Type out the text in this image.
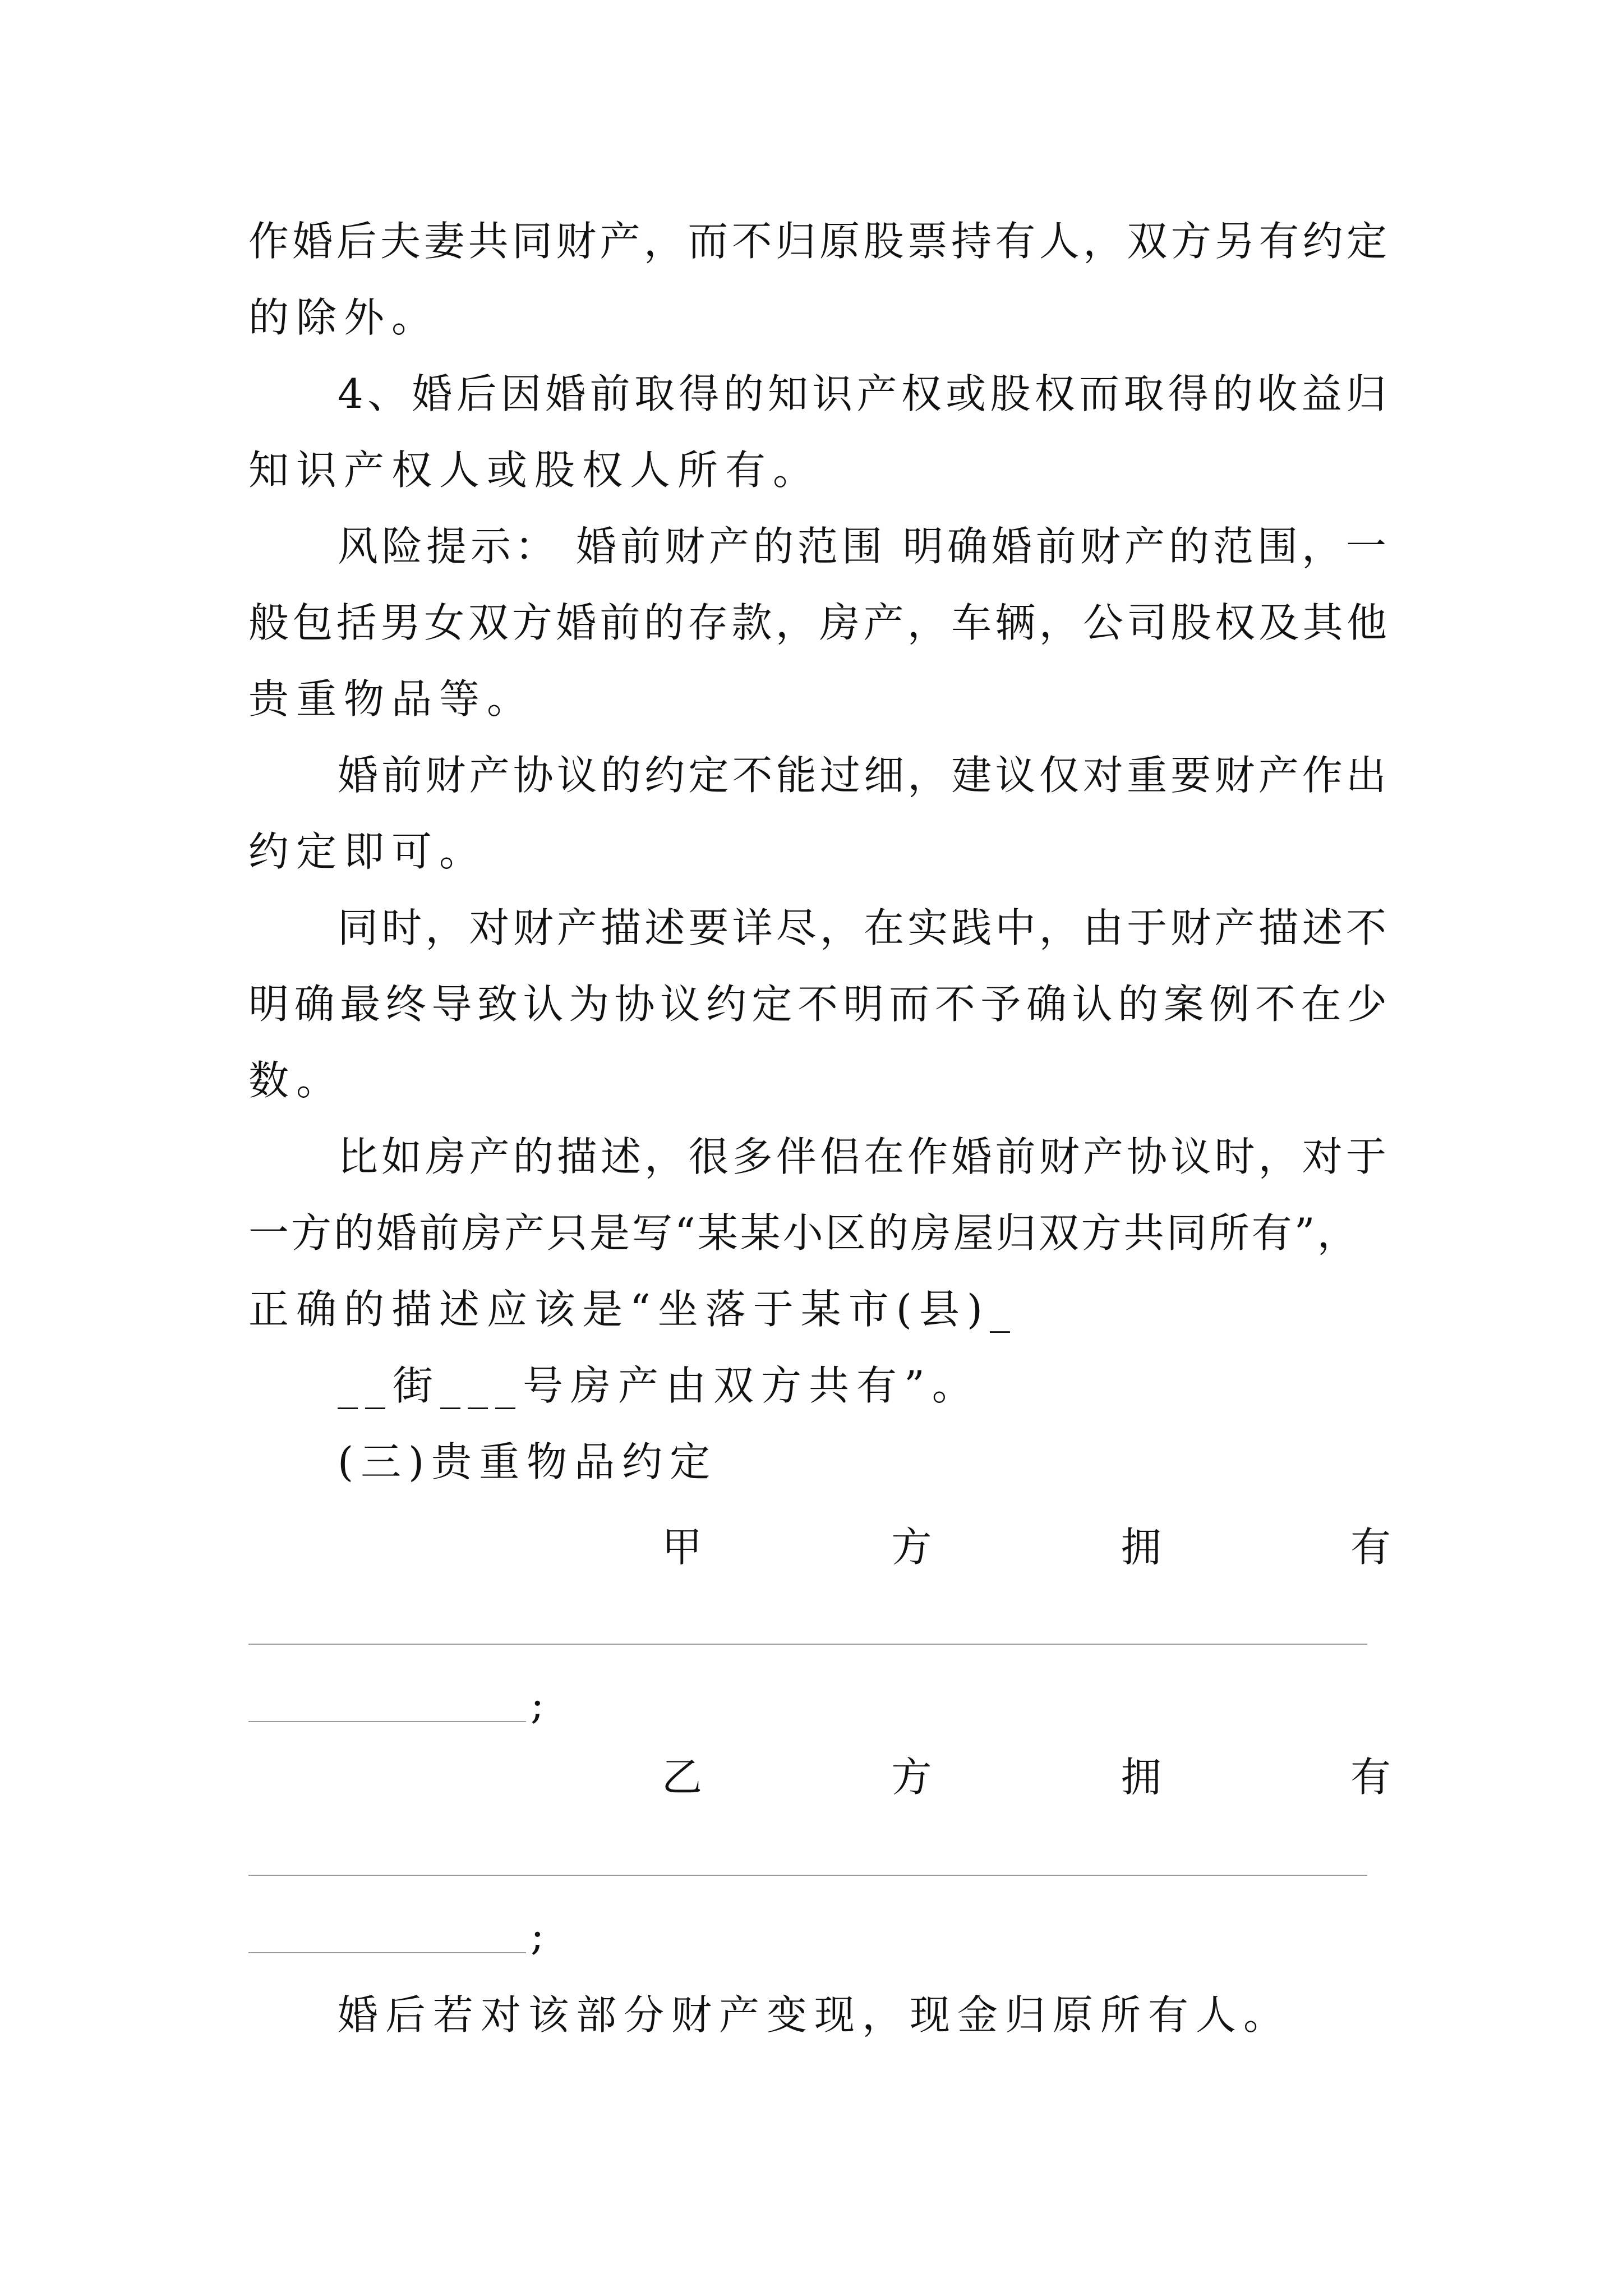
作婚后夫妻共同财产，而不归原股票持有人，双方另有约定
的除外。
4、婚后因婚前取得的知识产权或股权而取得的收益归
知识产权人或股权人所有。
风险提示： 婚前财产的范围 明确婚前财产的范围，一
般包括男女双方婚前的存款，房产，车辆，公司股权及其他
贵重物品等。
婚前财产协议的约定不能过细，建议仅对重要财产作出
约定即可。
同时，对财产描述要详尽，在实践中，由于财产描述不
明确最终导致认为协议约定不明而不予确认的案例不在少
数。
比如房产的描述，很多伴侣在作婚前财产协议时，对于
一方的婚前房产只是写“某某小区的房屋归双方共同所有”，
正确的描述应该是“坐落于某市(县)_
__街___号房产由双方共有”。
(三)贵重物品约定
甲	方	拥	有
;
乙	方	拥	有
;
婚后若对该部分财产变现，现金归原所有人。
